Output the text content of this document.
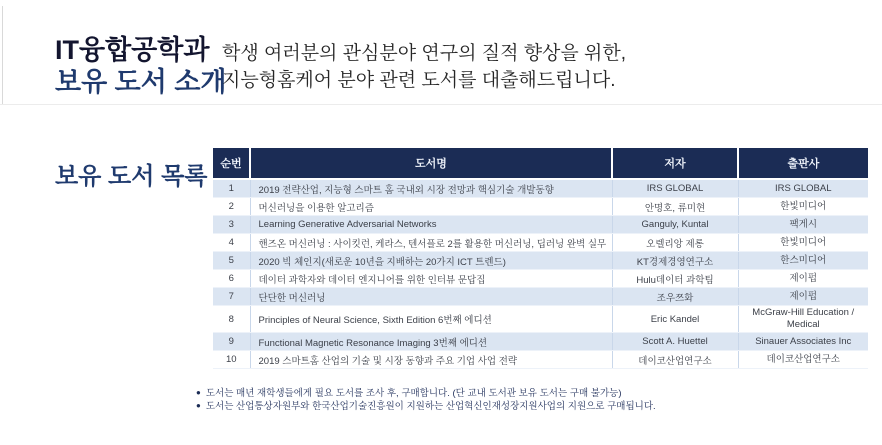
IT융합공학과
보유 도서 소개
학생 여러분의 관심분야 연구의 질적 향상을 위한,
지능형홈케어 분야 관련 도서를 대출해드립니다.
보유 도서 목록 순번	도서명	저자	출판사
1	2019 전략산업, 지능형 스마트 홈 국내외 시장 전망과 핵심기술 개발동향	IRS GLOBAL	IRS GLOBAL
2	머신러닝을 이용한 알고리즘	안명호, 류미현	한빛미디어
3	Learning Generative Adversarial Networks	Ganguly, Kuntal	팩게시
4	핸즈온 머신러닝 : 사이킷런, 케라스, 텐서플로 2를 활용한 머신러닝, 딥러닝 완벽 실무	오렐리앙 제롱	한빛미디어
5	2020 빅 체인지(새로운 10년을 지배하는 20가지 ICT 트렌드)	KT경제경영연구소	한스미디어
6	데이터 과학자와 데이터 엔지니어를 위한 인터뷰 문답집	Hulu데이터 과학팀	제이펍
7	단단한 머신러닝	조우쯔화	제이펍
8	Principles of Neural Science, Sixth Edition 6번째 에디션	Eric Kandel	McGraw-Hill Education / Medical
9	Functional Magnetic Resonance Imaging 3번째 에디션	Scott A. Huettel	Sinauer Associates Inc
10	2019 스마트홈 산업의 기술 및 시장 동향과 주요 기업 사업 전략	데이코산업연구소	데이코산업연구소
● 도서는 매년 재학생들에게 필요 도서를 조사 후, 구매합니다. (단 교내 도서관 보유 도서는 구매 불가능)
● 도서는 산업통상자원부와 한국산업기술진흥원이 지원하는 산업혁신인재성장지원사업의 지원으로 구매됩니다.
